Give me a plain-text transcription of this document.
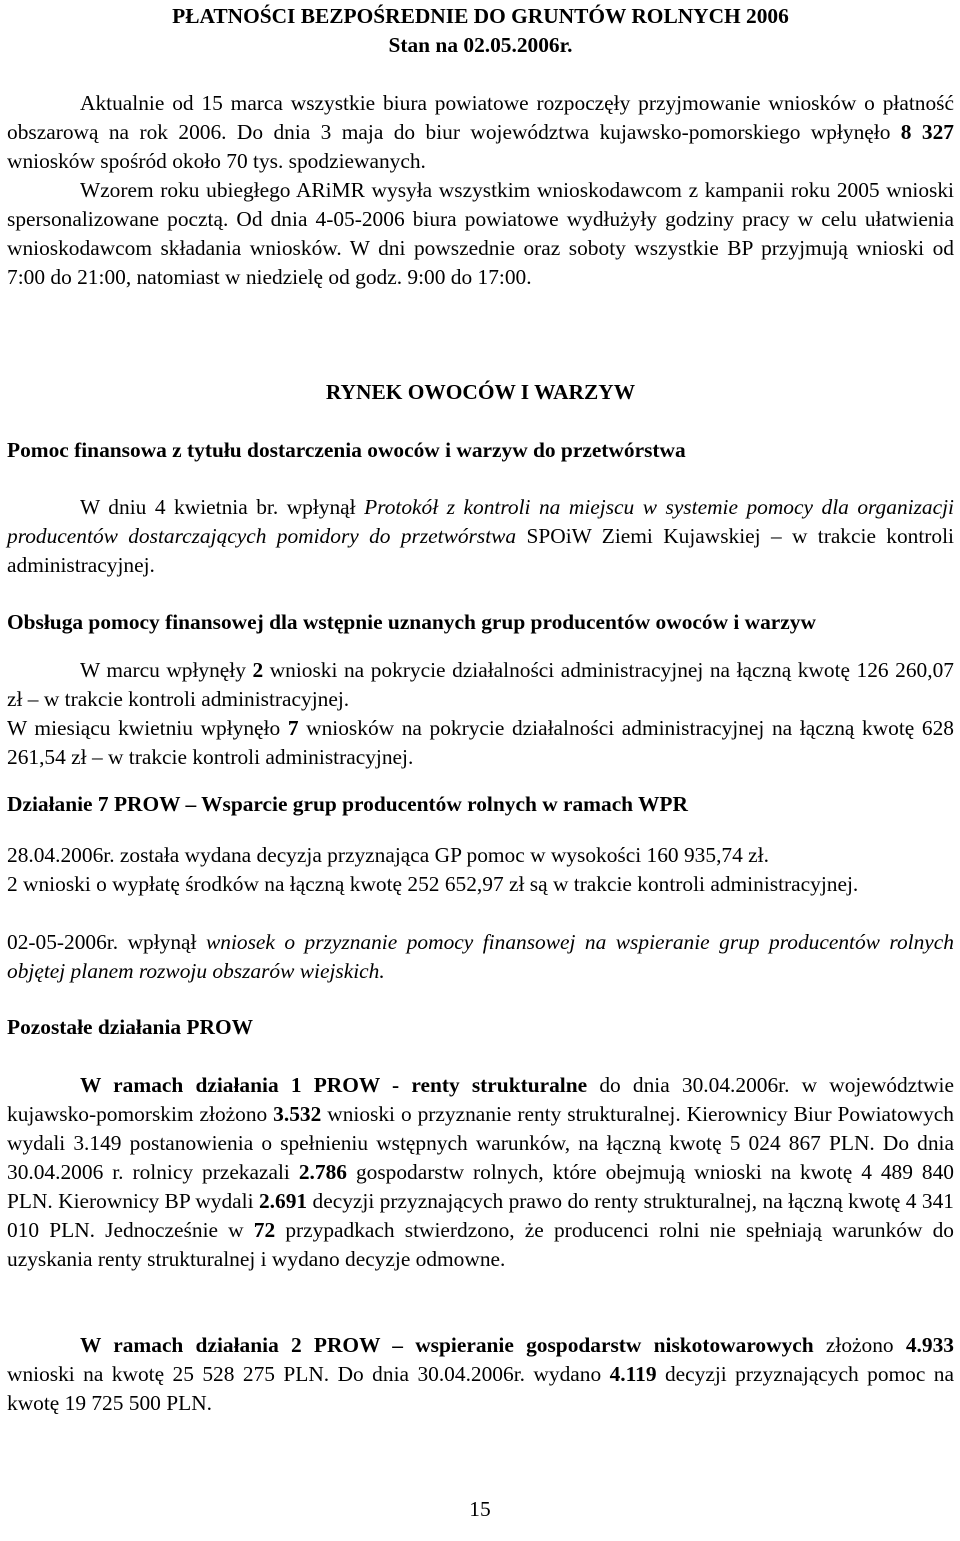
PŁATNOŚCI BEZPOŚREDNIE DO GRUNTÓW ROLNYCH 2006
Stan na 02.05.2006r.
Aktualnie od 15 marca wszystkie biura powiatowe rozpoczęły przyjmowanie wniosków o płatność obszarową na rok 2006. Do dnia 3 maja do biur województwa kujawsko-pomorskiego wpłynęło 8 327 wniosków spośród około 70 tys. spodziewanych.
Wzorem roku ubiegłego ARiMR wysyła wszystkim wnioskodawcom z kampanii roku 2005 wnioski spersonalizowane pocztą. Od dnia 4-05-2006 biura powiatowe wydłużyły godziny pracy w celu ułatwienia wnioskodawcom składania wniosków. W dni powszednie oraz soboty wszystkie BP przyjmują wnioski od 7:00 do 21:00, natomiast w niedzielę od godz. 9:00 do 17:00.
RYNEK OWOCÓW I WARZYW
Pomoc finansowa z tytułu dostarczenia owoców i warzyw do przetwórstwa
W dniu 4 kwietnia br. wpłynął Protokół z kontroli na miejscu w systemie pomocy dla organizacji producentów dostarczających pomidory do przetwórstwa SPOiW Ziemi Kujawskiej – w trakcie kontroli administracyjnej.
Obsługa pomocy finansowej dla wstępnie uznanych grup producentów owoców i warzyw
W marcu wpłynęły 2 wnioski na pokrycie działalności administracyjnej na łączną kwotę 126 260,07 zł – w trakcie kontroli administracyjnej.
W miesiącu kwietniu wpłynęło 7 wniosków na pokrycie działalności administracyjnej na łączną kwotę 628 261,54 zł – w trakcie kontroli administracyjnej.
Działanie 7 PROW – Wsparcie grup producentów rolnych w ramach WPR
28.04.2006r. została wydana decyzja przyznająca GP pomoc w wysokości 160 935,74 zł.
2 wnioski o wypłatę środków na łączną kwotę 252 652,97 zł są w trakcie kontroli administracyjnej.
02-05-2006r. wpłynął wniosek o przyznanie pomocy finansowej na wspieranie grup producentów rolnych objętej planem rozwoju obszarów wiejskich.
Pozostałe działania PROW
W ramach działania 1 PROW - renty strukturalne do dnia 30.04.2006r. w województwie kujawsko-pomorskim złożono 3.532 wnioski o przyznanie renty strukturalnej. Kierownicy Biur Powiatowych wydali 3.149 postanowienia o spełnieniu wstępnych warunków, na łączną kwotę 5 024 867 PLN. Do dnia 30.04.2006 r. rolnicy przekazali 2.786 gospodarstw rolnych, które obejmują wnioski na kwotę 4 489 840 PLN. Kierownicy BP wydali 2.691 decyzji przyznających prawo do renty strukturalnej, na łączną kwotę 4 341 010 PLN. Jednocześnie w 72 przypadkach stwierdzono, że producenci rolni nie spełniają warunków do uzyskania renty strukturalnej i wydano decyzje odmowne.
W ramach działania 2 PROW – wspieranie gospodarstw niskotowarowych złożono 4.933 wnioski na kwotę 25 528 275 PLN. Do dnia 30.04.2006r. wydano 4.119 decyzji przyznających pomoc na kwotę 19 725 500 PLN.
15
